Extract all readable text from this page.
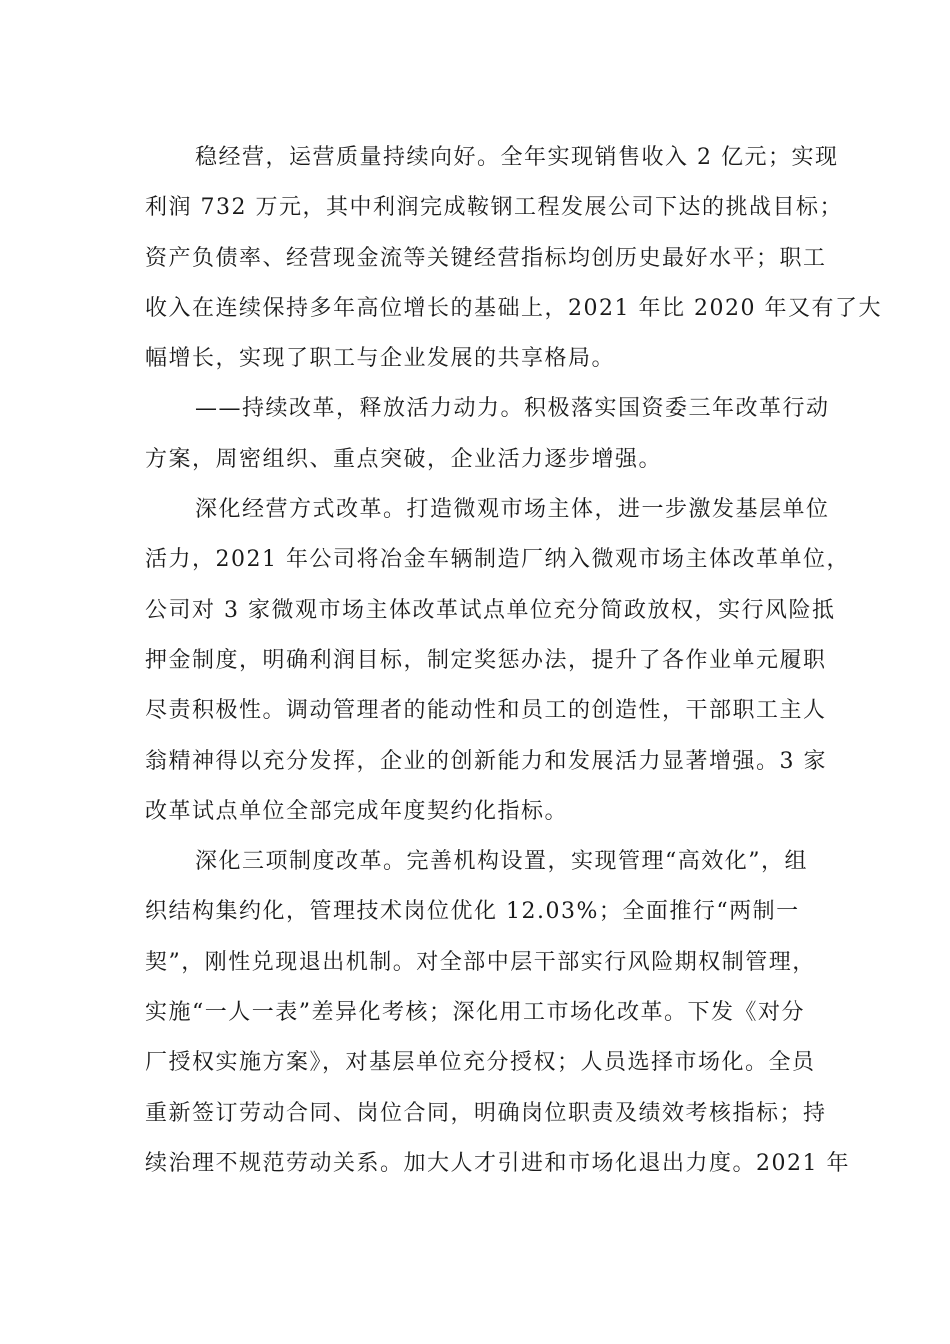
稳经营，运营质量持续向好。全年实现销售收入 2 亿元；实现
利润 732 万元，其中利润完成鞍钢工程发展公司下达的挑战目标；
资产负债率、经营现金流等关键经营指标均创历史最好水平；职工
收入在连续保持多年高位增长的基础上，2021 年比 2020 年又有了大
幅增长，实现了职工与企业发展的共享格局。
——持续改革，释放活力动力。积极落实国资委三年改革行动
方案，周密组织、重点突破，企业活力逐步增强。
深化经营方式改革。打造微观市场主体，进一步激发基层单位
活力，2021 年公司将冶金车辆制造厂纳入微观市场主体改革单位，
公司对 3 家微观市场主体改革试点单位充分简政放权，实行风险抵
押金制度，明确利润目标，制定奖惩办法，提升了各作业单元履职
尽责积极性。调动管理者的能动性和员工的创造性，干部职工主人
翁精神得以充分发挥，企业的创新能力和发展活力显著增强。3 家
改革试点单位全部完成年度契约化指标。
深化三项制度改革。完善机构设置，实现管理“高效化”，组
织结构集约化，管理技术岗位优化 12.03%；全面推行“两制一
契”，刚性兑现退出机制。对全部中层干部实行风险期权制管理，
实施“一人一表”差异化考核；深化用工市场化改革。下发《对分
厂授权实施方案》，对基层单位充分授权；人员选择市场化。全员
重新签订劳动合同、岗位合同，明确岗位职责及绩效考核指标；持
续治理不规范劳动关系。加大人才引进和市场化退出力度。2021 年
